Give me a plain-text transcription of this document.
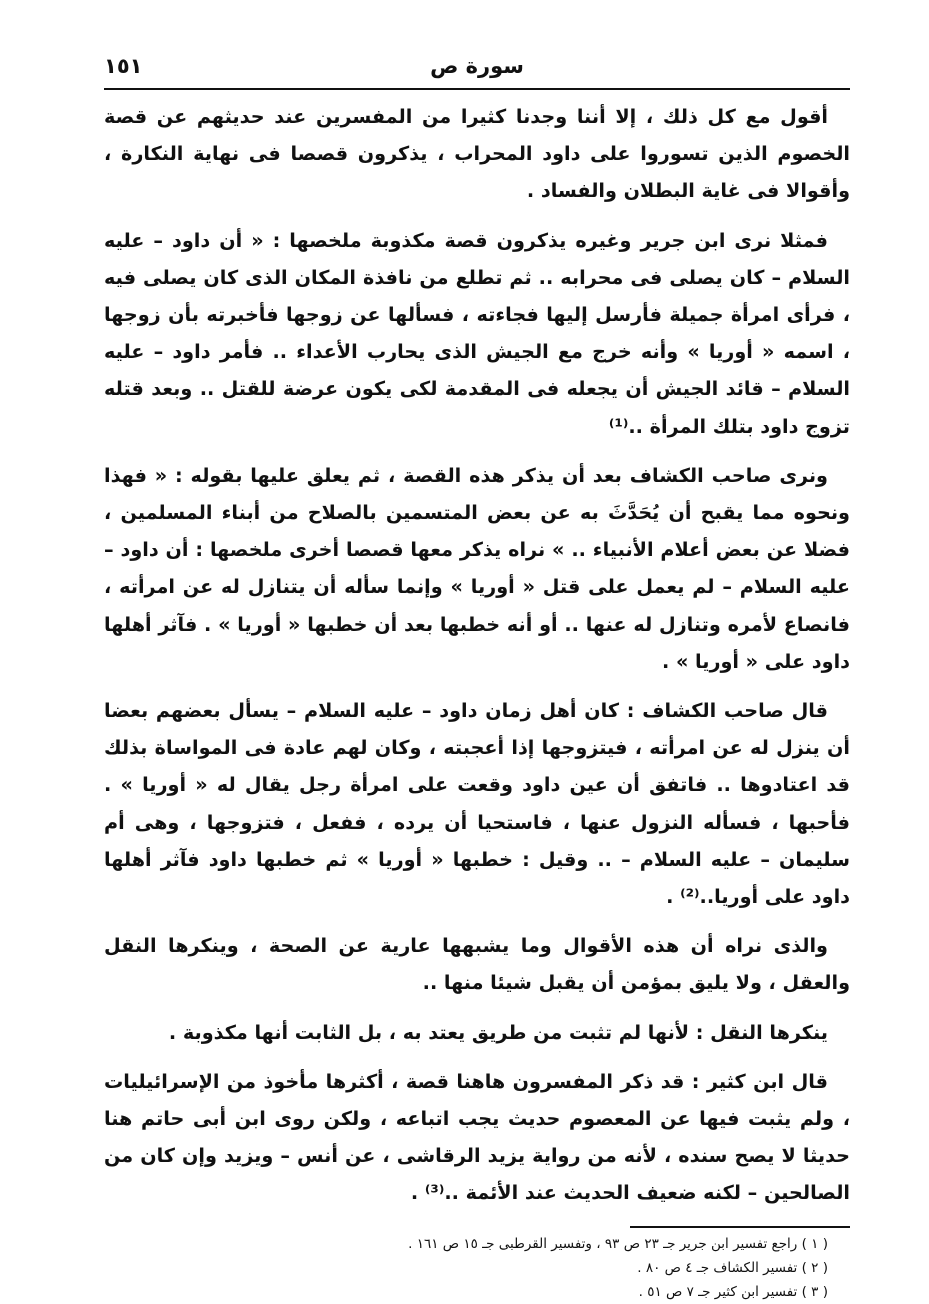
سورة ص
١٥١

أقول مع كل ذلك ، إلا أننا وجدنا كثيرا من المفسرين عند حديثهم عن قصة الخصوم الذين تسوروا على داود المحراب ، يذكرون قصصا فى نهاية النكارة ، وأقوالا فى غاية البطلان والفساد .

فمثلا نرى ابن جرير وغيره يذكرون قصة مكذوبة ملخصها : « أن داود – عليه السلام – كان يصلى فى محرابه .. ثم تطلع من نافذة المكان الذى كان يصلى فيه ، فرأى امرأة جميلة فأرسل إليها فجاءته ، فسألها عن زوجها فأخبرته بأن زوجها ، اسمه « أوريا » وأنه خرج مع الجيش الذى يحارب الأعداء .. فأمر داود – عليه السلام – قائد الجيش أن يجعله فى المقدمة لكى يكون عرضة للقتل .. وبعد قتله تزوج داود بتلك المرأة ..⁽¹⁾

ونرى صاحب الكشاف بعد أن يذكر هذه القصة ، ثم يعلق عليها بقوله : « فهذا ونحوه مما يقبح أن يُحَدَّثَ به عن بعض المتسمين بالصلاح من أبناء المسلمين ، فضلا عن بعض أعلام الأنبياء .. » نراه يذكر معها قصصا أخرى ملخصها : أن داود – عليه السلام – لم يعمل على قتل « أوريا » وإنما سأله أن يتنازل له عن امرأته ، فانصاع لأمره وتنازل له عنها .. أو أنه خطبها بعد أن خطبها « أوريا » . فآثر أهلها داود على « أوريا » .

قال صاحب الكشاف : كان أهل زمان داود – عليه السلام – يسأل بعضهم بعضا أن ينزل له عن امرأته ، فيتزوجها إذا أعجبته ، وكان لهم عادة فى المواساة بذلك قد اعتادوها .. فاتفق أن عين داود وقعت على امرأة رجل يقال له « أوريا » . فأحبها ، فسأله النزول عنها ، فاستحيا أن يرده ، ففعل ، فتزوجها ، وهى أم سليمان – عليه السلام – .. وقيل : خطبها « أوريا » ثم خطبها داود فآثر أهلها داود على أوريا..⁽²⁾ .

والذى نراه أن هذه الأقوال وما يشبهها عارية عن الصحة ، وينكرها النقل والعقل ، ولا يليق بمؤمن أن يقبل شيئا منها ..

ينكرها النقل : لأنها لم تثبت من طريق يعتد به ، بل الثابت أنها مكذوبة .

قال ابن كثير : قد ذكر المفسرون هاهنا قصة ، أكثرها مأخوذ من الإسرائيليات ، ولم يثبت فيها عن المعصوم حديث يجب اتباعه ، ولكن روى ابن أبى حاتم هنا حديثا لا يصح سنده ، لأنه من رواية يزيد الرقاشى ، عن أنس – ويزيد وإن كان من الصالحين – لكنه ضعيف الحديث عند الأئمة ..⁽³⁾ .

( ١ ) راجع تفسير ابن جرير جـ ٢٣ ص ٩٣ ، وتفسير القرطبى جـ ١٥ ص ١٦١ .
( ٢ ) تفسير الكشاف جـ ٤ ص ٨٠ .
( ٣ ) تفسير ابن كثير جـ ٧ ص ٥١ .
